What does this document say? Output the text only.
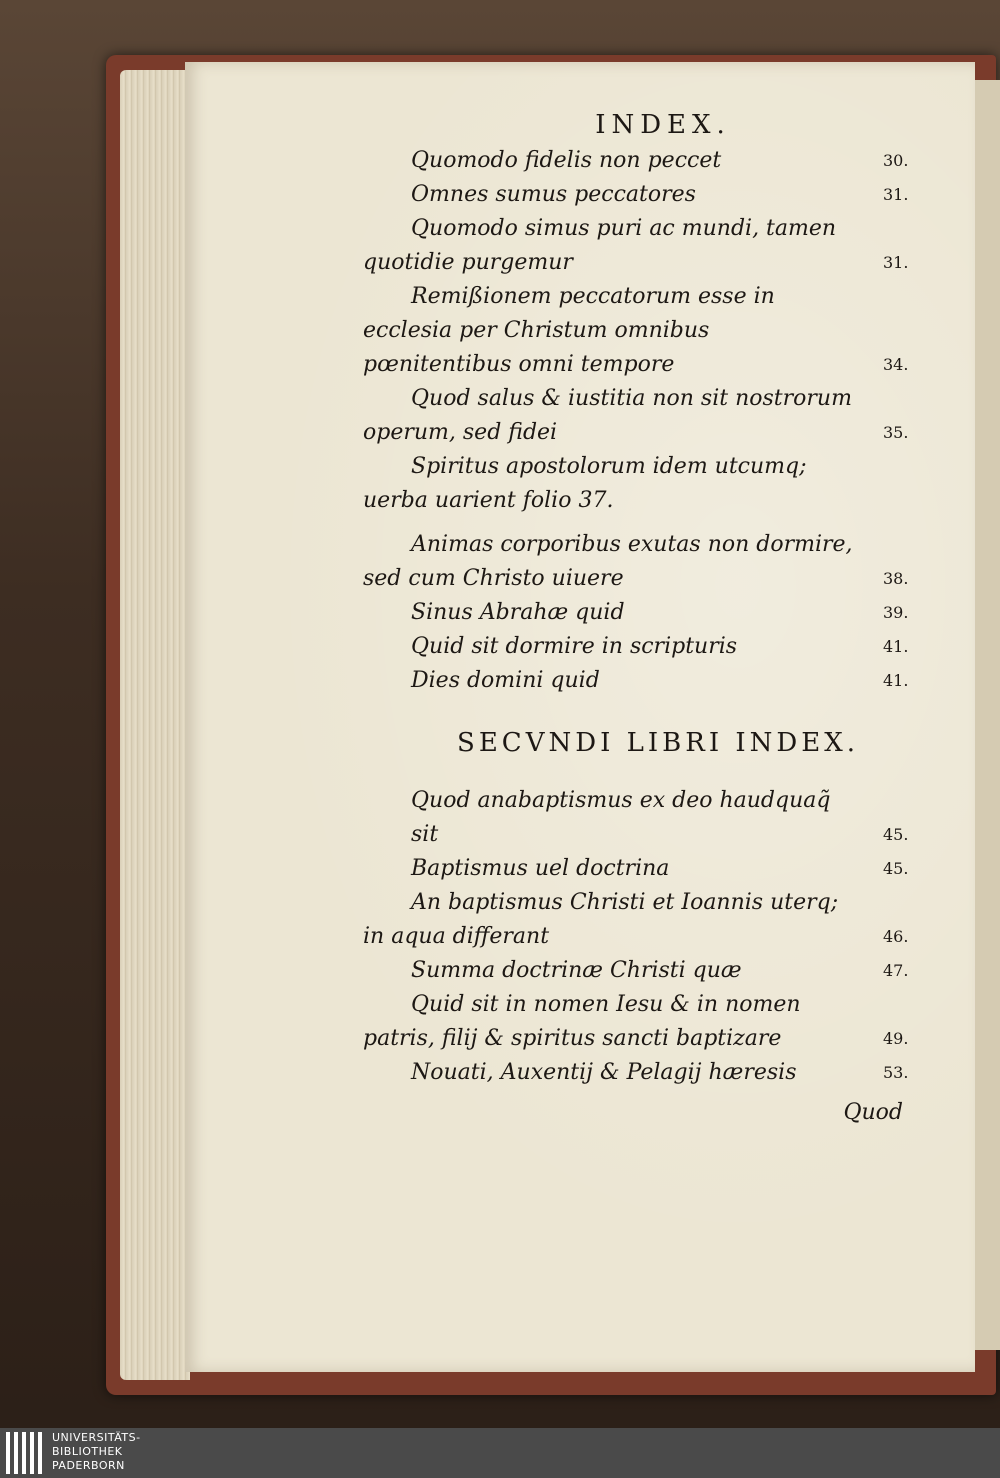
INDEX.
Quomodo fidelis non peccet	30.
Omnes sumus peccatores	31.
Quomodo simus puri ac mundi, tamen quotidie purgemur	31.
Remißionem peccatorum esse in ecclesia per Christum omnibus pœnitentibus omni tempore	34.
Quod salus & iustitia non sit nostrorum operum, sed fidei	35.
Spiritus apostolorum idem utcumq; uerba uarient folio 37.
Animas corporibus exutas non dormire, sed cum Christo uiuere	38.
Sinus Abrahæ quid	39.
Quid sit dormire in scripturis	41.
Dies domini quid	41.
SECVNDI LIBRI INDEX.
Quod anabaptismus ex deo haudquaq̃ sit	45.
Baptismus uel doctrina	45.
An baptismus Christi et Ioannis uterq; in aqua differant	46.
Summa doctrinæ Christi quæ	47.
Quid sit in nomen Iesu & in nomen patris, filij & spiritus sancti baptizare	49.
Nouati, Auxentij & Pelagij hæresis	53.
Quod
UNIVERSITÄTS-
BIBLIOTHEK
PADERBORN
